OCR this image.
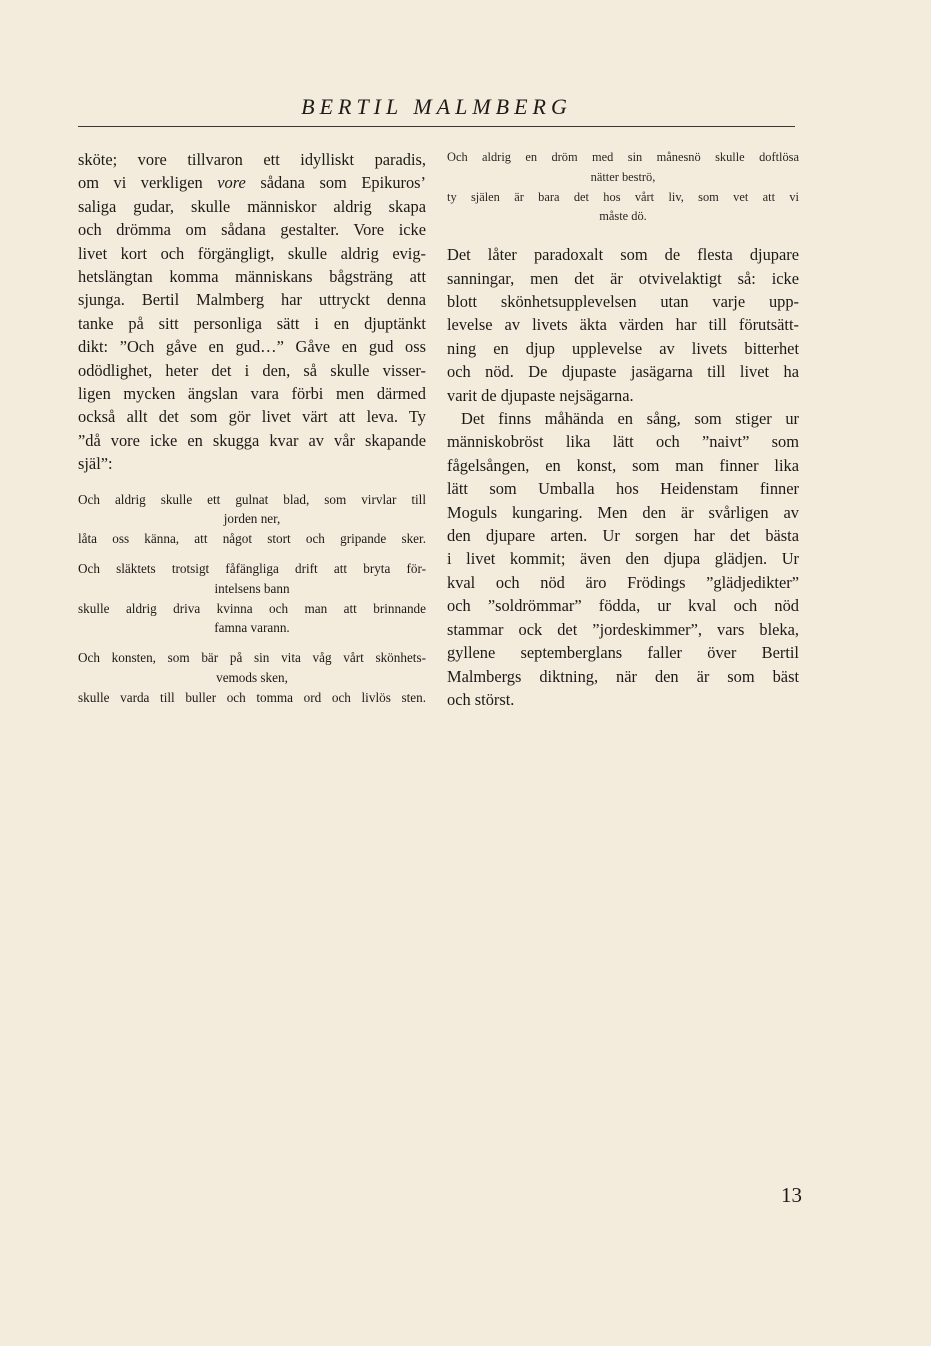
BERTIL MALMBERG

sköte; vore tillvaron ett idylliskt paradis,
om vi verkligen vore sådana som Epikuros’
saliga gudar, skulle människor aldrig skapa
och drömma om sådana gestalter. Vore icke
livet kort och förgängligt, skulle aldrig evig-
hetslängtan komma människans bågsträng att
sjunga. Bertil Malmberg har uttryckt denna
tanke på sitt personliga sätt i en djuptänkt
dikt: ”Och gåve en gud…” Gåve en gud oss
odödlighet, heter det i den, så skulle visser-
ligen mycken ängslan vara förbi men därmed
också allt det som gör livet värt att leva. Ty
”då vore icke en skugga kvar av vår skapande
själ”:

Och aldrig skulle ett gulnat blad, som virvlar till
jorden ner,
låta oss känna, att något stort och gripande sker.
Och släktets trotsigt fåfängliga drift att bryta för-
intelsens bann
skulle aldrig driva kvinna och man att brinnande
famna varann.
Och konsten, som bär på sin vita våg vårt skönhets-
vemods sken,
skulle varda till buller och tomma ord och livlös sten.
Och aldrig en dröm med sin månesnö skulle doftlösa
nätter beströ,
ty själen är bara det hos vårt liv, som vet att vi
måste dö.

Det låter paradoxalt som de flesta djupare
sanningar, men det är otvivelaktigt så: icke
blott skönhetsupplevelsen utan varje upp-
levelse av livets äkta värden har till förutsätt-
ning en djup upplevelse av livets bitterhet
och nöd. De djupaste jasägarna till livet ha
varit de djupaste nejsägarna.

Det finns måhända en sång, som stiger ur
människobröst lika lätt och ”naivt” som
fågelsången, en konst, som man finner lika
lätt som Umballa hos Heidenstam finner
Moguls kungaring. Men den är svårligen av
den djupare arten. Ur sorgen har det bästa
i livet kommit; även den djupa glädjen. Ur
kval och nöd äro Frödings ”glädjedikter”
och ”soldrömmar” födda, ur kval och nöd
stammar ock det ”jordeskimmer”, vars bleka,
gyllene septemberglans faller över Bertil
Malmbergs diktning, när den är som bäst
och störst.

13
